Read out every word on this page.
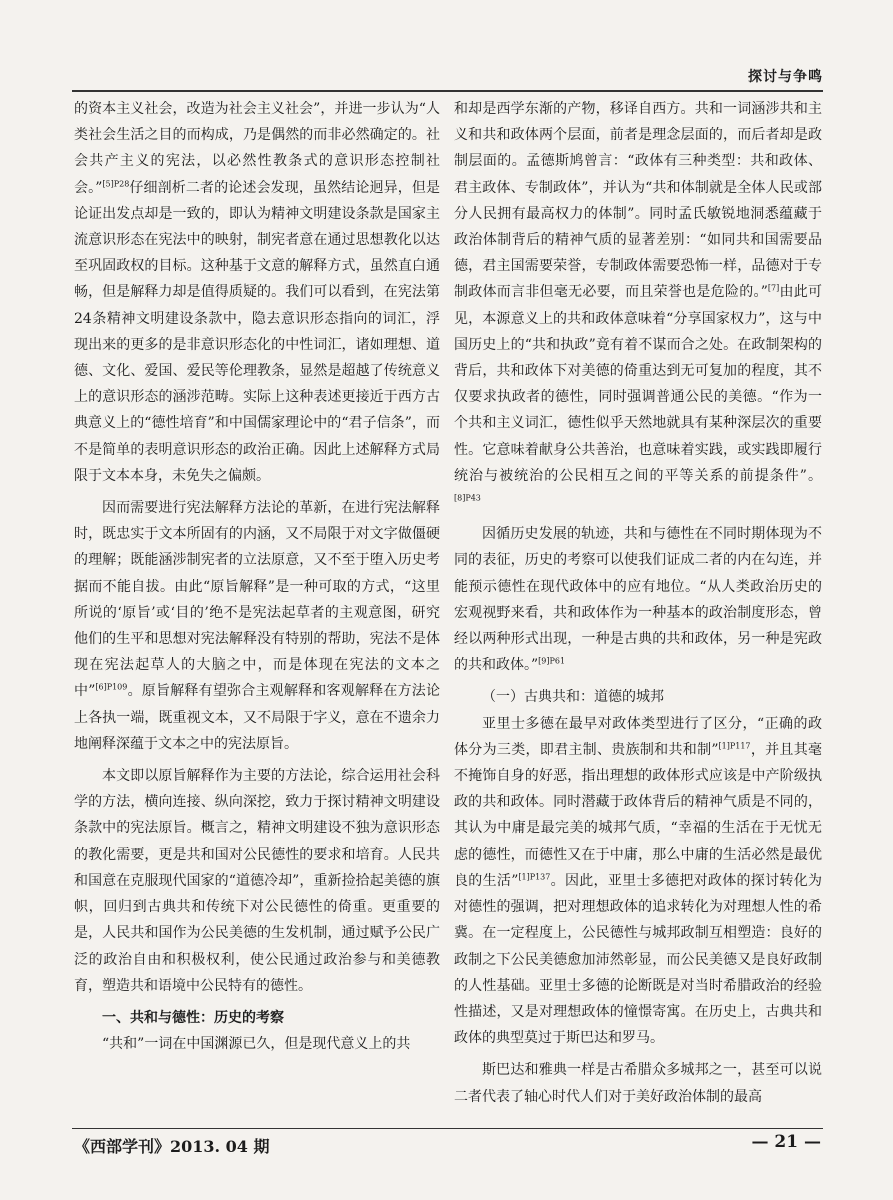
探讨与争鸣

的资本主义社会，改造为社会主义社会”，并进一步认为“人类社会生活之目的而构成，乃是偶然的而非必然确定的。社会共产主义的宪法，以必然性教条式的意识形态控制社会。”$^{[5]P28}$仔细剖析二者的论述会发现，虽然结论迥异，但是论证出发点却是一致的，即认为精神文明建设条款是国家主流意识形态在宪法中的映射，制宪者意在通过思想教化以达至巩固政权的目标。这种基于文意的解释方式，虽然直白通畅，但是解释力却是值得质疑的。我们可以看到，在宪法第24条精神文明建设条款中，隐去意识形态指向的词汇，浮现出来的更多的是非意识形态化的中性词汇，诸如理想、道德、文化、爱国、爱民等伦理教条，显然是超越了传统意义上的意识形态的涵涉范畴。实际上这种表述更接近于西方古典意义上的“德性培育”和中国儒家理论中的“君子信条”，而不是简单的表明意识形态的政治正确。因此上述解释方式局限于文本本身，未免失之偏颇。

因而需要进行宪法解释方法论的革新，在进行宪法解释时，既忠实于文本所固有的内涵，又不局限于对文字做僵硬的理解；既能涵涉制宪者的立法原意，又不至于堕入历史考据而不能自拔。由此“原旨解释”是一种可取的方式，“这里所说的‘原旨’或‘目的’绝不是宪法起草者的主观意图，研究他们的生平和思想对宪法解释没有特别的帮助，宪法不是体现在宪法起草人的大脑之中，而是体现在宪法的文本之中”$^{[6]P109}$。原旨解释有望弥合主观解释和客观解释在方法论上各执一端，既重视文本，又不局限于字义，意在不遗余力地阐释深蕴于文本之中的宪法原旨。

本文即以原旨解释作为主要的方法论，综合运用社会科学的方法，横向连接、纵向深挖，致力于探讨精神文明建设条款中的宪法原旨。概言之，精神文明建设不独为意识形态的教化需要，更是共和国对公民德性的要求和培育。人民共和国意在克服现代国家的“道德冷却”，重新捡拾起美德的旗帜，回归到古典共和传统下对公民德性的倚重。更重要的是，人民共和国作为公民美德的生发机制，通过赋予公民广泛的政治自由和积极权利，使公民通过政治参与和美德教育，塑造共和语境中公民特有的德性。

一、共和与德性：历史的考察

“共和”一词在中国渊源已久，但是现代意义上的共

和却是西学东渐的产物，移译自西方。共和一词涵涉共和主义和共和政体两个层面，前者是理念层面的，而后者却是政制层面的。孟德斯鸠曾言：“政体有三种类型：共和政体、君主政体、专制政体”，并认为“共和体制就是全体人民或部分人民拥有最高权力的体制”。同时孟氏敏锐地洞悉蕴藏于政治体制背后的精神气质的显著差别：“如同共和国需要品德，君主国需要荣誉，专制政体需要恐怖一样，品德对于专制政体而言非但毫无必要，而且荣誉也是危险的。”[7]由此可见，本源意义上的共和政体意味着“分享国家权力”，这与中国历史上的“共和执政”竟有着不谋而合之处。在政制架构的背后，共和政体下对美德的倚重达到无可复加的程度，其不仅要求执政者的德性，同时强调普通公民的美德。“作为一个共和主义词汇，德性似乎天然地就具有某种深层次的重要性。它意味着献身公共善治，也意味着实践，或实践即履行统治与被统治的公民相互之间的平等关系的前提条件”。$^{[8]P43}$

因循历史发展的轨迹，共和与德性在不同时期体现为不同的表征，历史的考察可以使我们证成二者的内在勾连，并能预示德性在现代政体中的应有地位。“从人类政治历史的宏观视野来看，共和政体作为一种基本的政治制度形态，曾经以两种形式出现，一种是古典的共和政体，另一种是宪政的共和政体。”$^{[9]P61}$

（一）古典共和：道德的城邦

亚里士多德在最早对政体类型进行了区分，“正确的政体分为三类，即君主制、贵族制和共和制”$^{[1]P117}$，并且其毫不掩饰自身的好恶，指出理想的政体形式应该是中产阶级执政的共和政体。同时潜藏于政体背后的精神气质是不同的，其认为中庸是最完美的城邦气质，“幸福的生活在于无忧无虑的德性，而德性又在于中庸，那么中庸的生活必然是最优良的生活”$^{[1]P137}$。因此，亚里士多德把对政体的探讨转化为对德性的强调，把对理想政体的追求转化为对理想人性的希冀。在一定程度上，公民德性与城邦政制互相塑造：良好的政制之下公民美德愈加沛然彰显，而公民美德又是良好政制的人性基础。亚里士多德的论断既是对当时希腊政治的经验性描述，又是对理想政体的憧憬寄寓。在历史上，古典共和政体的典型莫过于斯巴达和罗马。

斯巴达和雅典一样是古希腊众多城邦之一，甚至可以说二者代表了轴心时代人们对于美好政治体制的最高

《西部学刊》2013. 04 期	— 21 —
